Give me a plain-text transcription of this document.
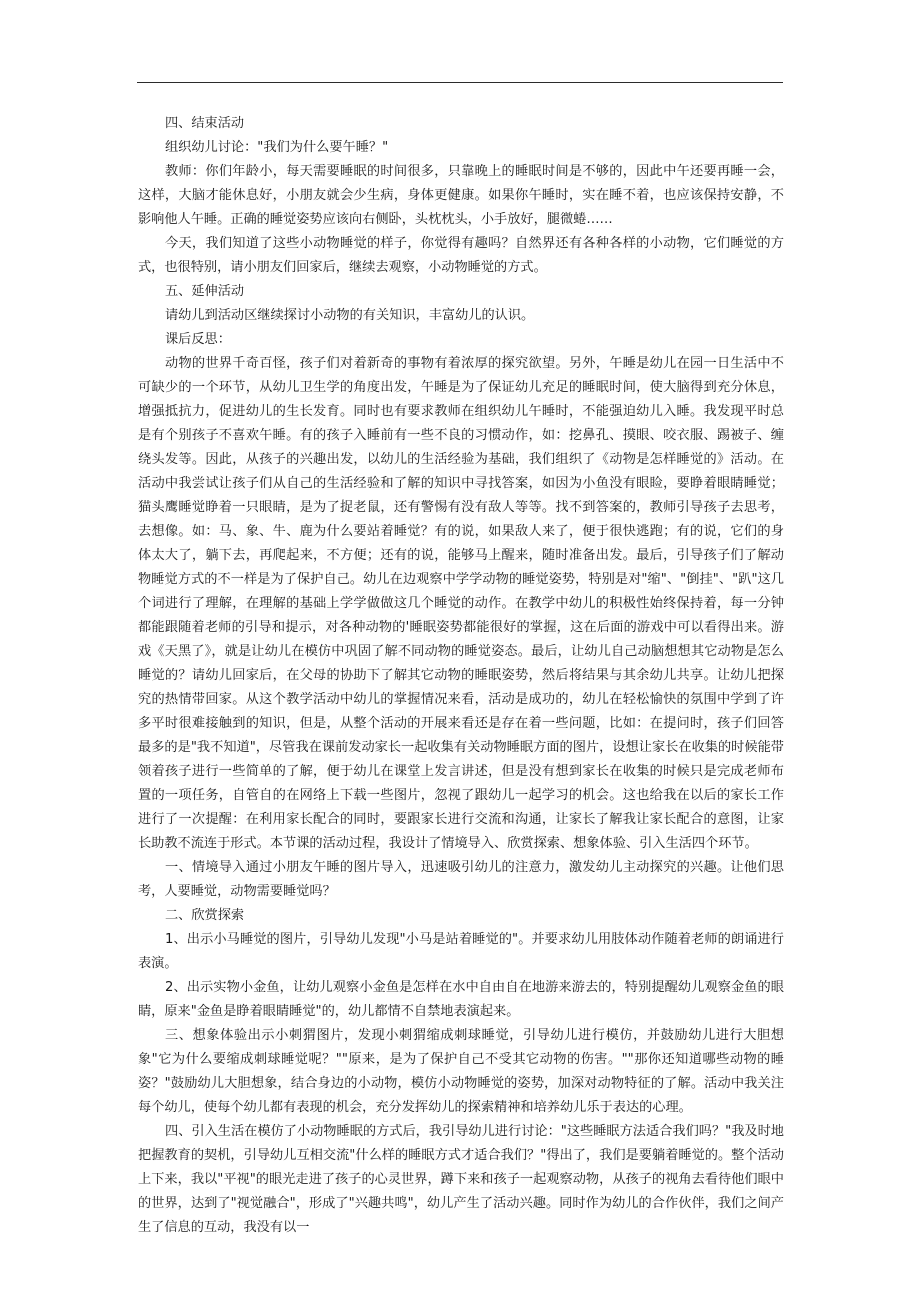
四、结束活动

组织幼儿讨论："我们为什么要午睡？"

教师：你们年龄小，每天需要睡眠的时间很多，只靠晚上的睡眠时间是不够的，因此中午还要再睡一会，这样，大脑才能休息好，小朋友就会少生病，身体更健康。如果你午睡时，实在睡不着，也应该保持安静，不影响他人午睡。正确的睡觉姿势应该向右侧卧，头枕枕头，小手放好，腿微蜷……

今天，我们知道了这些小动物睡觉的样子，你觉得有趣吗？自然界还有各种各样的小动物，它们睡觉的方式，也很特别，请小朋友们回家后，继续去观察，小动物睡觉的方式。

五、延伸活动

请幼儿到活动区继续探讨小动物的有关知识，丰富幼儿的认识。

课后反思：

动物的世界千奇百怪，孩子们对着新奇的事物有着浓厚的探究欲望。另外，午睡是幼儿在园一日生活中不可缺少的一个环节，从幼儿卫生学的角度出发，午睡是为了保证幼儿充足的睡眠时间，使大脑得到充分休息，增强抵抗力，促进幼儿的生长发育。同时也有要求教师在组织幼儿午睡时，不能强迫幼儿入睡。我发现平时总是有个别孩子不喜欢午睡。有的孩子入睡前有一些不良的习惯动作，如：挖鼻孔、摸眼、咬衣服、踢被子、缠绕头发等。因此，从孩子的兴趣出发，以幼儿的生活经验为基础，我们组织了《动物是怎样睡觉的》活动。在活动中我尝试让孩子们从自己的生活经验和了解的知识中寻找答案，如因为小鱼没有眼睑，要睁着眼睛睡觉；猫头鹰睡觉睁着一只眼睛，是为了捉老鼠，还有警惕有没有敌人等等。找不到答案的，教师引导孩子去思考，去想像。如：马、象、牛、鹿为什么要站着睡觉？有的说，如果敌人来了，便于很快逃跑；有的说，它们的身体太大了，躺下去，再爬起来，不方便；还有的说，能够马上醒来，随时准备出发。最后，引导孩子们了解动物睡觉方式的不一样是为了保护自己。幼儿在边观察中学学动物的睡觉姿势，特别是对"缩"、"倒挂"、"趴"这几个词进行了理解，在理解的基础上学学做做这几个睡觉的动作。在教学中幼儿的积极性始终保持着，每一分钟都能跟随着老师的引导和提示，对各种动物的'睡眠姿势都能很好的掌握，这在后面的游戏中可以看得出来。游戏《天黑了》，就是让幼儿在模仿中巩固了解不同动物的睡觉姿态。最后，让幼儿自己动脑想想其它动物是怎么睡觉的？请幼儿回家后，在父母的协助下了解其它动物的睡眠姿势，然后将结果与其余幼儿共享。让幼儿把探究的热情带回家。从这个教学活动中幼儿的掌握情况来看，活动是成功的，幼儿在轻松愉快的氛围中学到了许多平时很难接触到的知识，但是，从整个活动的开展来看还是存在着一些问题，比如：在提问时，孩子们回答最多的是"我不知道"，尽管我在课前发动家长一起收集有关动物睡眠方面的图片，设想让家长在收集的时候能带领着孩子进行一些简单的了解，便于幼儿在课堂上发言讲述，但是没有想到家长在收集的时候只是完成老师布置的一项任务，自管自的在网络上下载一些图片，忽视了跟幼儿一起学习的机会。这也给我在以后的家长工作进行了一次提醒：在利用家长配合的同时，要跟家长进行交流和沟通，让家长了解我让家长配合的意图，让家长助教不流连于形式。本节课的活动过程，我设计了情境导入、欣赏探索、想象体验、引入生活四个环节。

一、情境导入通过小朋友午睡的图片导入，迅速吸引幼儿的注意力，激发幼儿主动探究的兴趣。让他们思考，人要睡觉，动物需要睡觉吗？

二、欣赏探索

1、出示小马睡觉的图片，引导幼儿发现"小马是站着睡觉的"。并要求幼儿用肢体动作随着老师的朗诵进行表演。

2、出示实物小金鱼，让幼儿观察小金鱼是怎样在水中自由自在地游来游去的，特别提醒幼儿观察金鱼的眼睛，原来"金鱼是睁着眼睛睡觉"的，幼儿都情不自禁地表演起来。

三、想象体验出示小刺猬图片，发现小刺猬缩成刺球睡觉，引导幼儿进行模仿，并鼓励幼儿进行大胆想象"它为什么要缩成刺球睡觉呢？""原来，是为了保护自己不受其它动物的伤害。""那你还知道哪些动物的睡姿？"鼓励幼儿大胆想象，结合身边的小动物，模仿小动物睡觉的姿势，加深对动物特征的了解。活动中我关注每个幼儿，使每个幼儿都有表现的机会，充分发挥幼儿的探索精神和培养幼儿乐于表达的心理。

四、引入生活在模仿了小动物睡眠的方式后，我引导幼儿进行讨论："这些睡眠方法适合我们吗？"我及时地把握教育的契机，引导幼儿互相交流"什么样的睡眠方式才适合我们？"得出了，我们是要躺着睡觉的。整个活动上下来，我以"平视"的眼光走进了孩子的心灵世界，蹲下来和孩子一起观察动物，从孩子的视角去看待他们眼中的世界，达到了"视觉融合"，形成了"兴趣共鸣"，幼儿产生了活动兴趣。同时作为幼儿的合作伙伴，我们之间产生了信息的互动，我没有以一
